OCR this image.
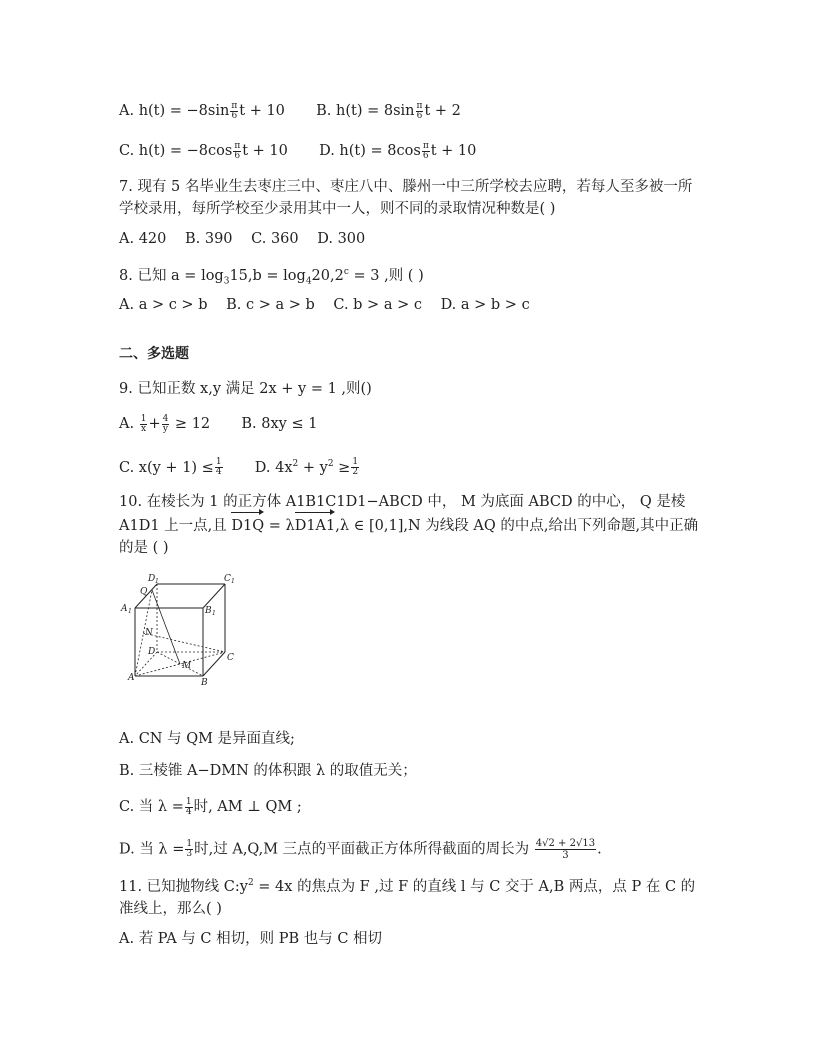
A. $h(t) = -8\sin \frac{\pi}{6}$ t + 10 B. $h(t) = 8\sin \frac{\pi}{6}$ t + 2
C. $h(t) = -8\cos \frac{\pi}{6}$ t + 10 D. $h(t) = 8\cos \frac{\pi}{6}$ t + 10
7. 现有 5 名毕业生去枣庄三中、枣庄八中、滕州一中三所学校去应聘，若每人至多被一所学校录用，每所学校至少录用其中一人，则不同的录取情况种数是( )
A. 420 B. 390 C. 360 D. 300
8. 已知 $a = \log_315,b = \log_420,2^c = 3$ ,则 ( )
A. a > c > b B. c > a > b C. b > a > c D. a > b > c
二、多选题
9. 已知正数 x,y 满足 2x + y = 1 ,则()
A. $\frac{1}{x} + \frac{4}{y} \ge 12$ B. 8xy ≤ 1
C. $x(y + 1) \le \frac{1}{4} D$. $4x^2 + y^2 \ge \frac{1}{2}$
10. 在棱长为 1 的正方体 A1B1C1D1−ABCD 中， M 为底面 ABCD 的中心， Q 是棱
A1D1 上一点,且 D1Q = λD1A1,λ ∈ [0,1],N 为线段 AQ 的中点,给出下列命题,其中正确
的是 ( )
D 1	C 1
Q
A 1	B 1
N
D
C
M
A	B
A. CN 与 QM 是异面直线;
B. 三棱锥 A−DMN 的体积跟 λ 的取值无关；
C. 当 $\lambda = \frac{1}{4}$ 时, AM ⊥ QM ;
D. 当 $\lambda = \frac{1}{3}$ 时,过 A,Q,M 三点的平面截正方体所得截面的周长为 $\frac{4√2 + 2√13}{3}$ .
11. 已知抛物线 $C:y^2 = 4x$ 的焦点为 F ,过 F 的直线 l 与 C 交于 A,B 两点，点 P 在 C 的准线上，那么( )
A. 若 PA 与 C 相切，则 PB 也与 C 相切
